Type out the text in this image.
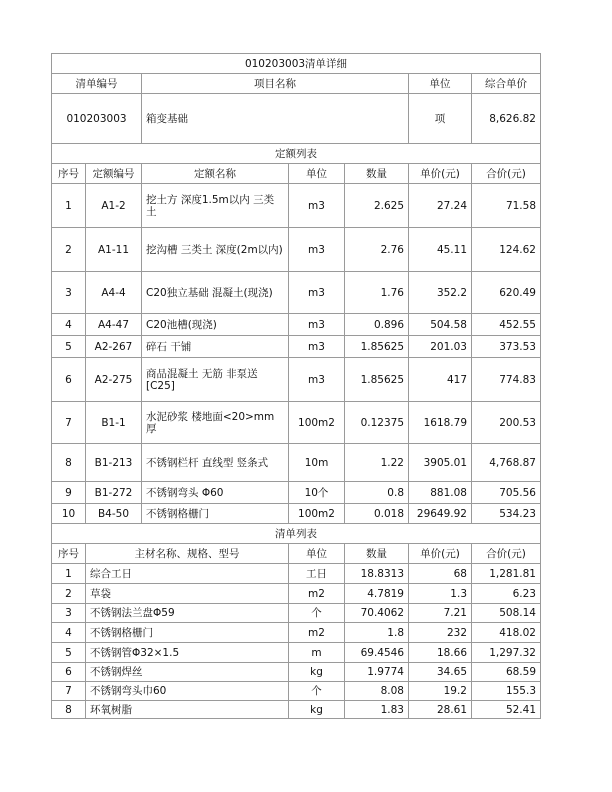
010203003清单详细						
清单编号		项目名称			单位	综合单价
010203003		箱变基础			项	8,626.82
定额列表						
序号	定额编号	定额名称	单位	数量	单价(元)	合价(元)
1	A1-2	挖土方 深度1.5m以内 三类土	m3	2.625	27.24	71.58
2	A1-11	挖沟槽 三类土 深度(2m以内)	m3	2.76	45.11	124.62
3	A4-4	C20独立基础 混凝土(现浇)	m3	1.76	352.2	620.49
4	A4-47	C20池槽(现浇)	m3	0.896	504.58	452.55
5	A2-267	碎石 干铺	m3	1.85625	201.03	373.53
6	A2-275	商品混凝土 无筋 非泵送[C25]	m3	1.85625	417	774.83
7	B1-1	水泥砂浆 楼地面<20>mm厚	100m2	0.12375	1618.79	200.53
8	B1-213	不锈钢栏杆 直线型 竖条式	10m	1.22	3905.01	4,768.87
9	B1-272	不锈钢弯头 Φ60	10个	0.8	881.08	705.56
10	B4-50	不锈钢格栅门	100m2	0.018	29649.92	534.23
清单列表						
序号	主材名称、规格、型号		单位	数量	单价(元)	合价(元)
1	综合工日		工日	18.8313	68	1,281.81
2	草袋		m2	4.7819	1.3	6.23
3	不锈钢法兰盘Φ59		个	70.4062	7.21	508.14
4	不锈钢格栅门		m2	1.8	232	418.02
5	不锈钢管Φ32×1.5		m	69.4546	18.66	1,297.32
6	不锈钢焊丝		kg	1.9774	34.65	68.59
7	不锈钢弯头巾60		个	8.08	19.2	155.3
8	环氧树脂		kg	1.83	28.61	52.41
